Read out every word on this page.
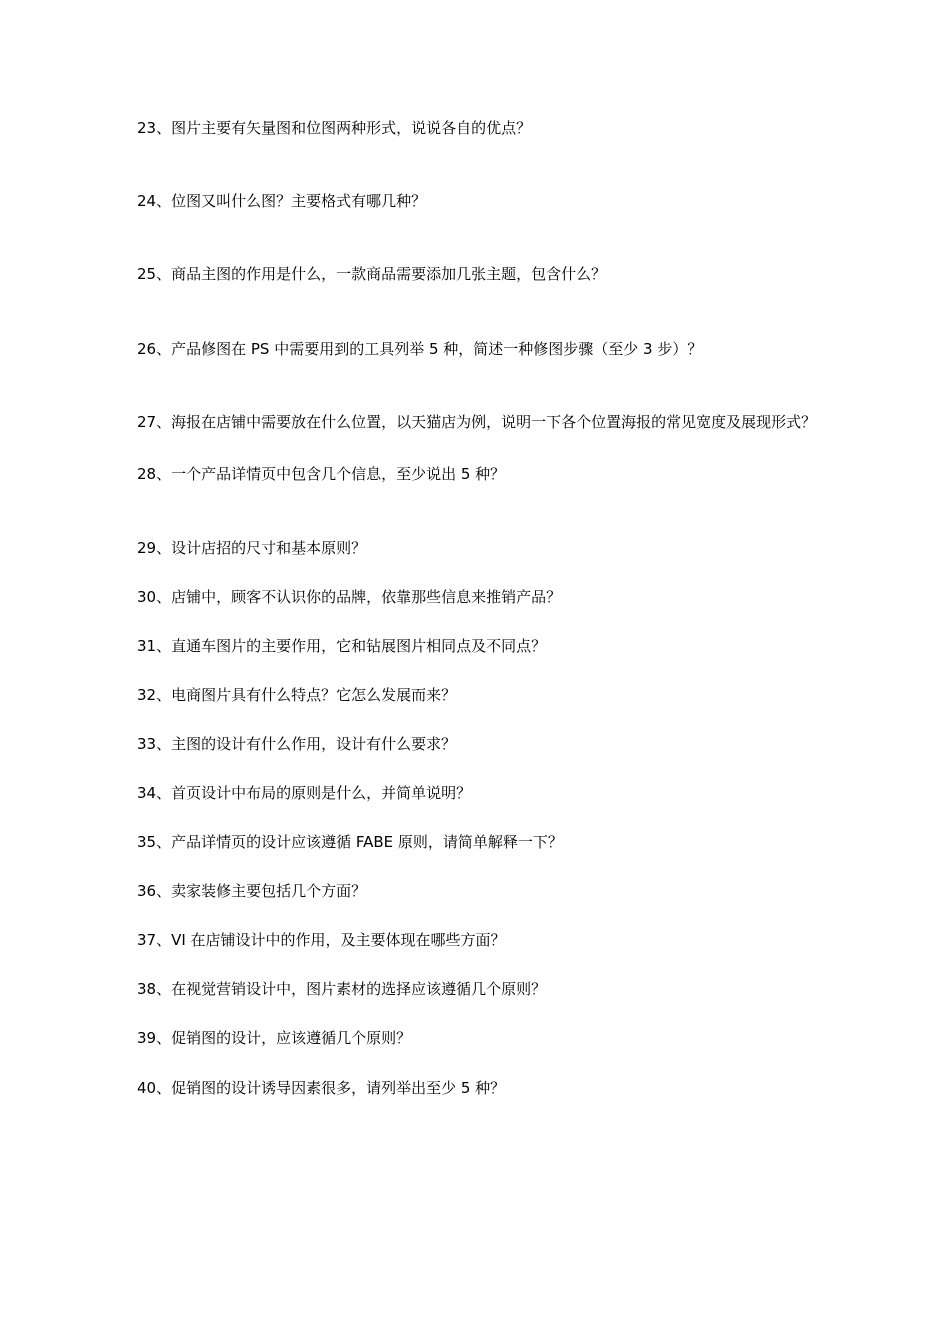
23、图片主要有矢量图和位图两种形式，说说各自的优点？

24、位图又叫什么图？主要格式有哪几种？

25、商品主图的作用是什么，一款商品需要添加几张主题，包含什么？

26、产品修图在 PS 中需要用到的工具列举 5 种，简述一种修图步骤（至少 3 步）？

27、海报在店铺中需要放在什么位置，以天猫店为例，说明一下各个位置海报的常见宽度及展现形式？

28、一个产品详情页中包含几个信息，至少说出 5 种？

29、设计店招的尺寸和基本原则？

30、店铺中，顾客不认识你的品牌，依靠那些信息来推销产品？

31、直通车图片的主要作用，它和钻展图片相同点及不同点？

32、电商图片具有什么特点？它怎么发展而来？

33、主图的设计有什么作用，设计有什么要求？

34、首页设计中布局的原则是什么，并简单说明？

35、产品详情页的设计应该遵循 FABE 原则，请简单解释一下？

36、卖家装修主要包括几个方面？

37、VI 在店铺设计中的作用，及主要体现在哪些方面？

38、在视觉营销设计中，图片素材的选择应该遵循几个原则？

39、促销图的设计，应该遵循几个原则？

40、促销图的设计诱导因素很多，请列举出至少 5 种？
